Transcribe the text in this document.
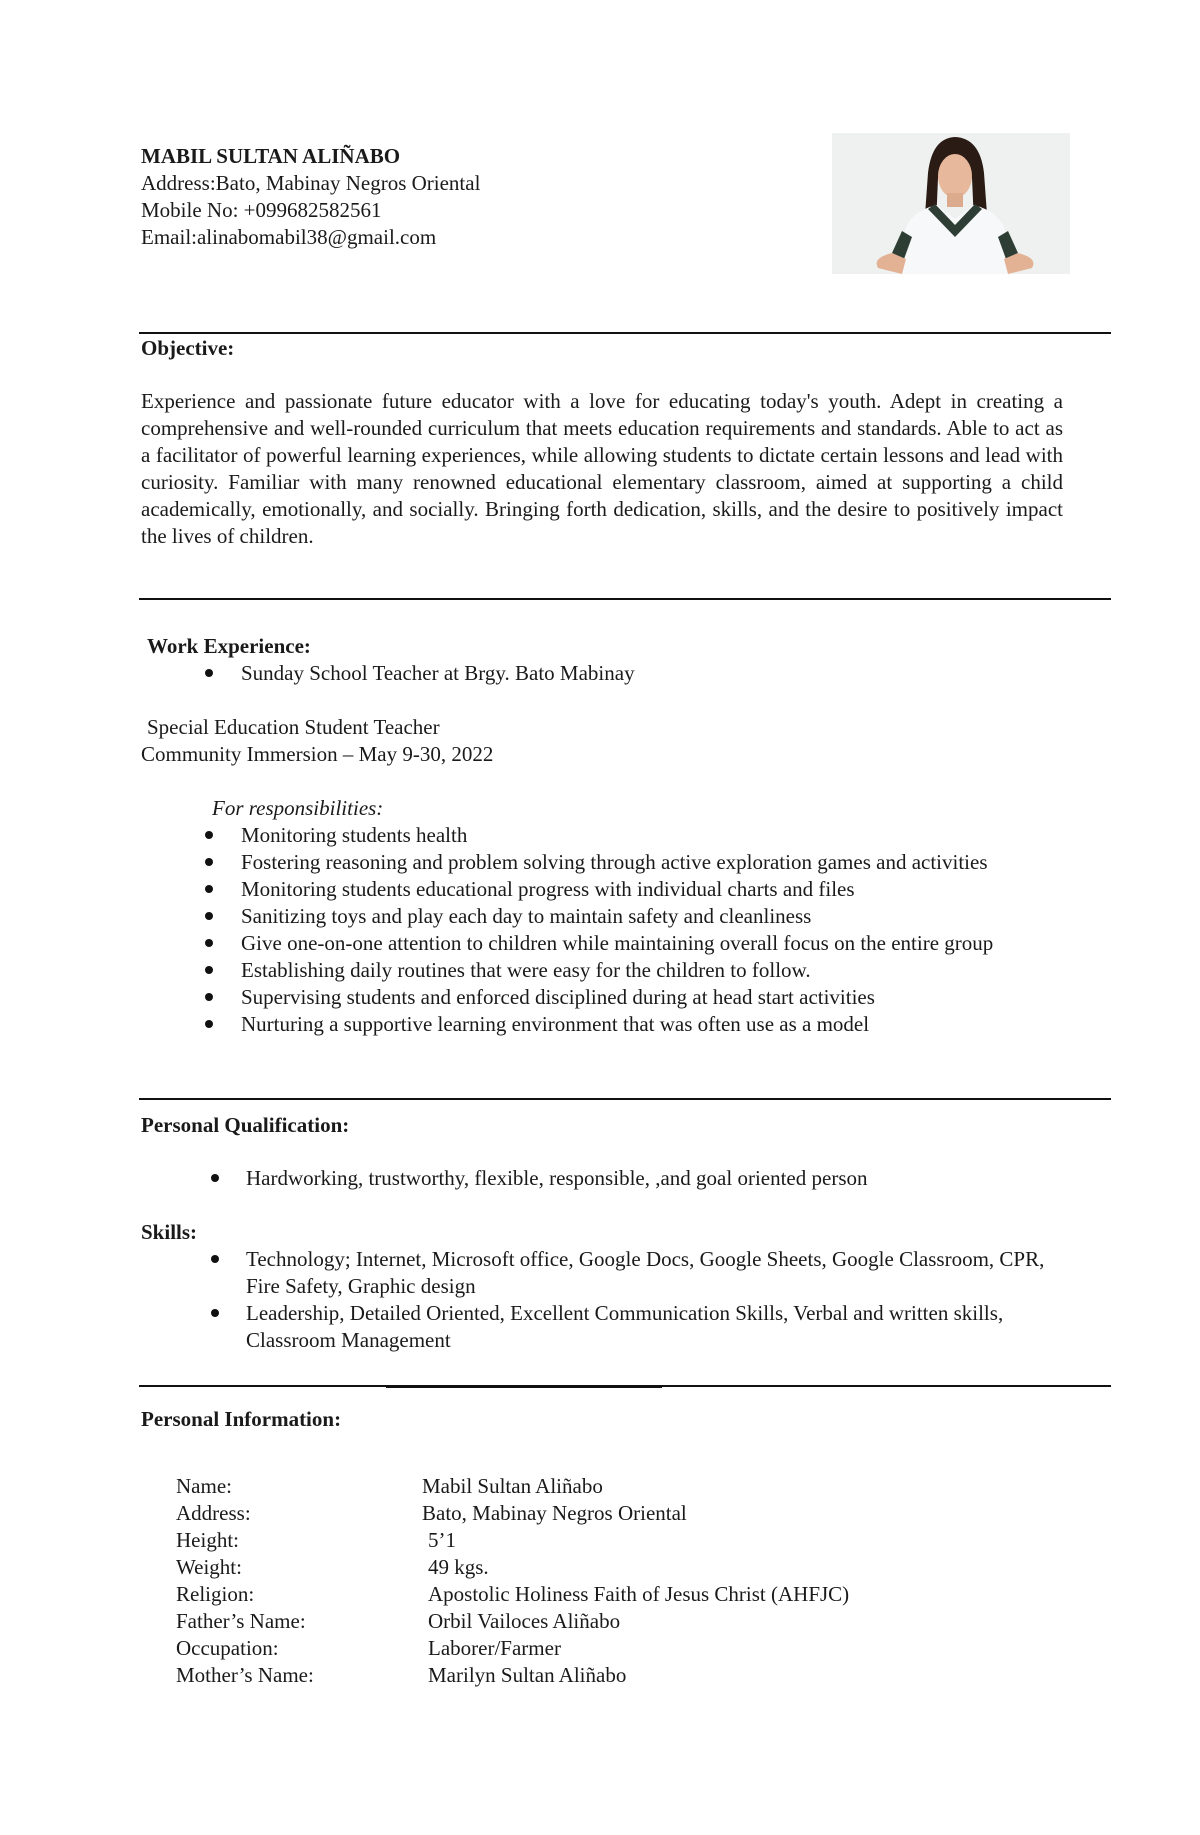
MABIL SULTAN ALIÑABO
Address:Bato, Mabinay Negros Oriental
Mobile No: +099682582561
Email:alinabomabil38@gmail.com
Objective:
Experience and passionate future educator with a love for educating today's youth. Adept in creating a comprehensive and well-rounded curriculum that meets education requirements and standards. Able to act as a facilitator of powerful learning experiences, while allowing students to dictate certain lessons and lead with curiosity. Familiar with many renowned educational elementary classroom, aimed at supporting a child academically, emotionally, and socially. Bringing forth dedication, skills, and the desire to positively impact the lives of children.
Work Experience:
Sunday School Teacher at Brgy. Bato Mabinay
Special Education Student Teacher
Community Immersion – May 9-30, 2022
For responsibilities:
Monitoring students health
Fostering reasoning and problem solving through active exploration games and activities
Monitoring students educational progress with individual charts and files
Sanitizing toys and play each day to maintain safety and cleanliness
Give one-on-one attention to children while maintaining overall focus on the entire group
Establishing daily routines that were easy for the children to follow.
Supervising students and enforced disciplined during at head start activities
Nurturing a supportive learning environment that was often use as a model
Personal Qualification:
Hardworking, trustworthy, flexible, responsible, ,and goal oriented person
Skills:
Technology; Internet, Microsoft office, Google Docs, Google Sheets, Google Classroom, CPR, Fire Safety, Graphic design
Leadership, Detailed Oriented, Excellent Communication Skills, Verbal and written skills, Classroom Management
Personal Information:
Name:	Mabil Sultan Aliñabo
Address:	Bato, Mabinay Negros Oriental
Height:	5’1
Weight:	49 kgs.
Religion:	Apostolic Holiness Faith of Jesus Christ (AHFJC)
Father’s Name:	Orbil Vailoces Aliñabo
Occupation:	Laborer/Farmer
Mother’s Name:	Marilyn Sultan Aliñabo
